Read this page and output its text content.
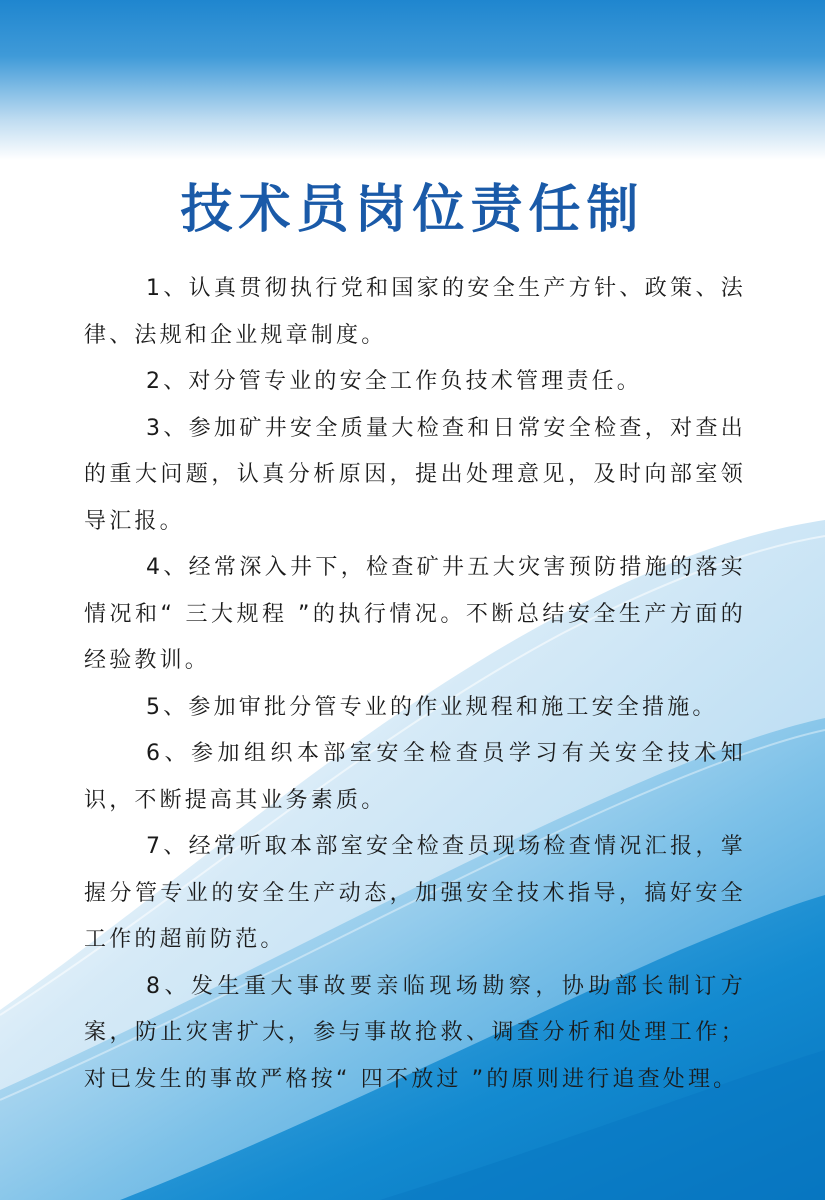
技术员岗位责任制

1、认真贯彻执行党和国家的安全生产方针、政策、法律、法规和企业规章制度。

2、对分管专业的安全工作负技术管理责任。

3、参加矿井安全质量大检查和日常安全检查，对查出的重大问题，认真分析原因，提出处理意见，及时向部室领导汇报。

4、经常深入井下，检查矿井五大灾害预防措施的落实情况和“ 三大规程 ”的执行情况。不断总结安全生产方面的经验教训。

5、参加审批分管专业的作业规程和施工安全措施。

6、参加组织本部室安全检查员学习有关安全技术知识，不断提高其业务素质。

7、经常听取本部室安全检查员现场检查情况汇报，掌握分管专业的安全生产动态，加强安全技术指导，搞好安全工作的超前防范。

8、发生重大事故要亲临现场勘察，协助部长制订方案，防止灾害扩大，参与事故抢救、调查分析和处理工作；对已发生的事故严格按“ 四不放过 ”的原则进行追查处理。
